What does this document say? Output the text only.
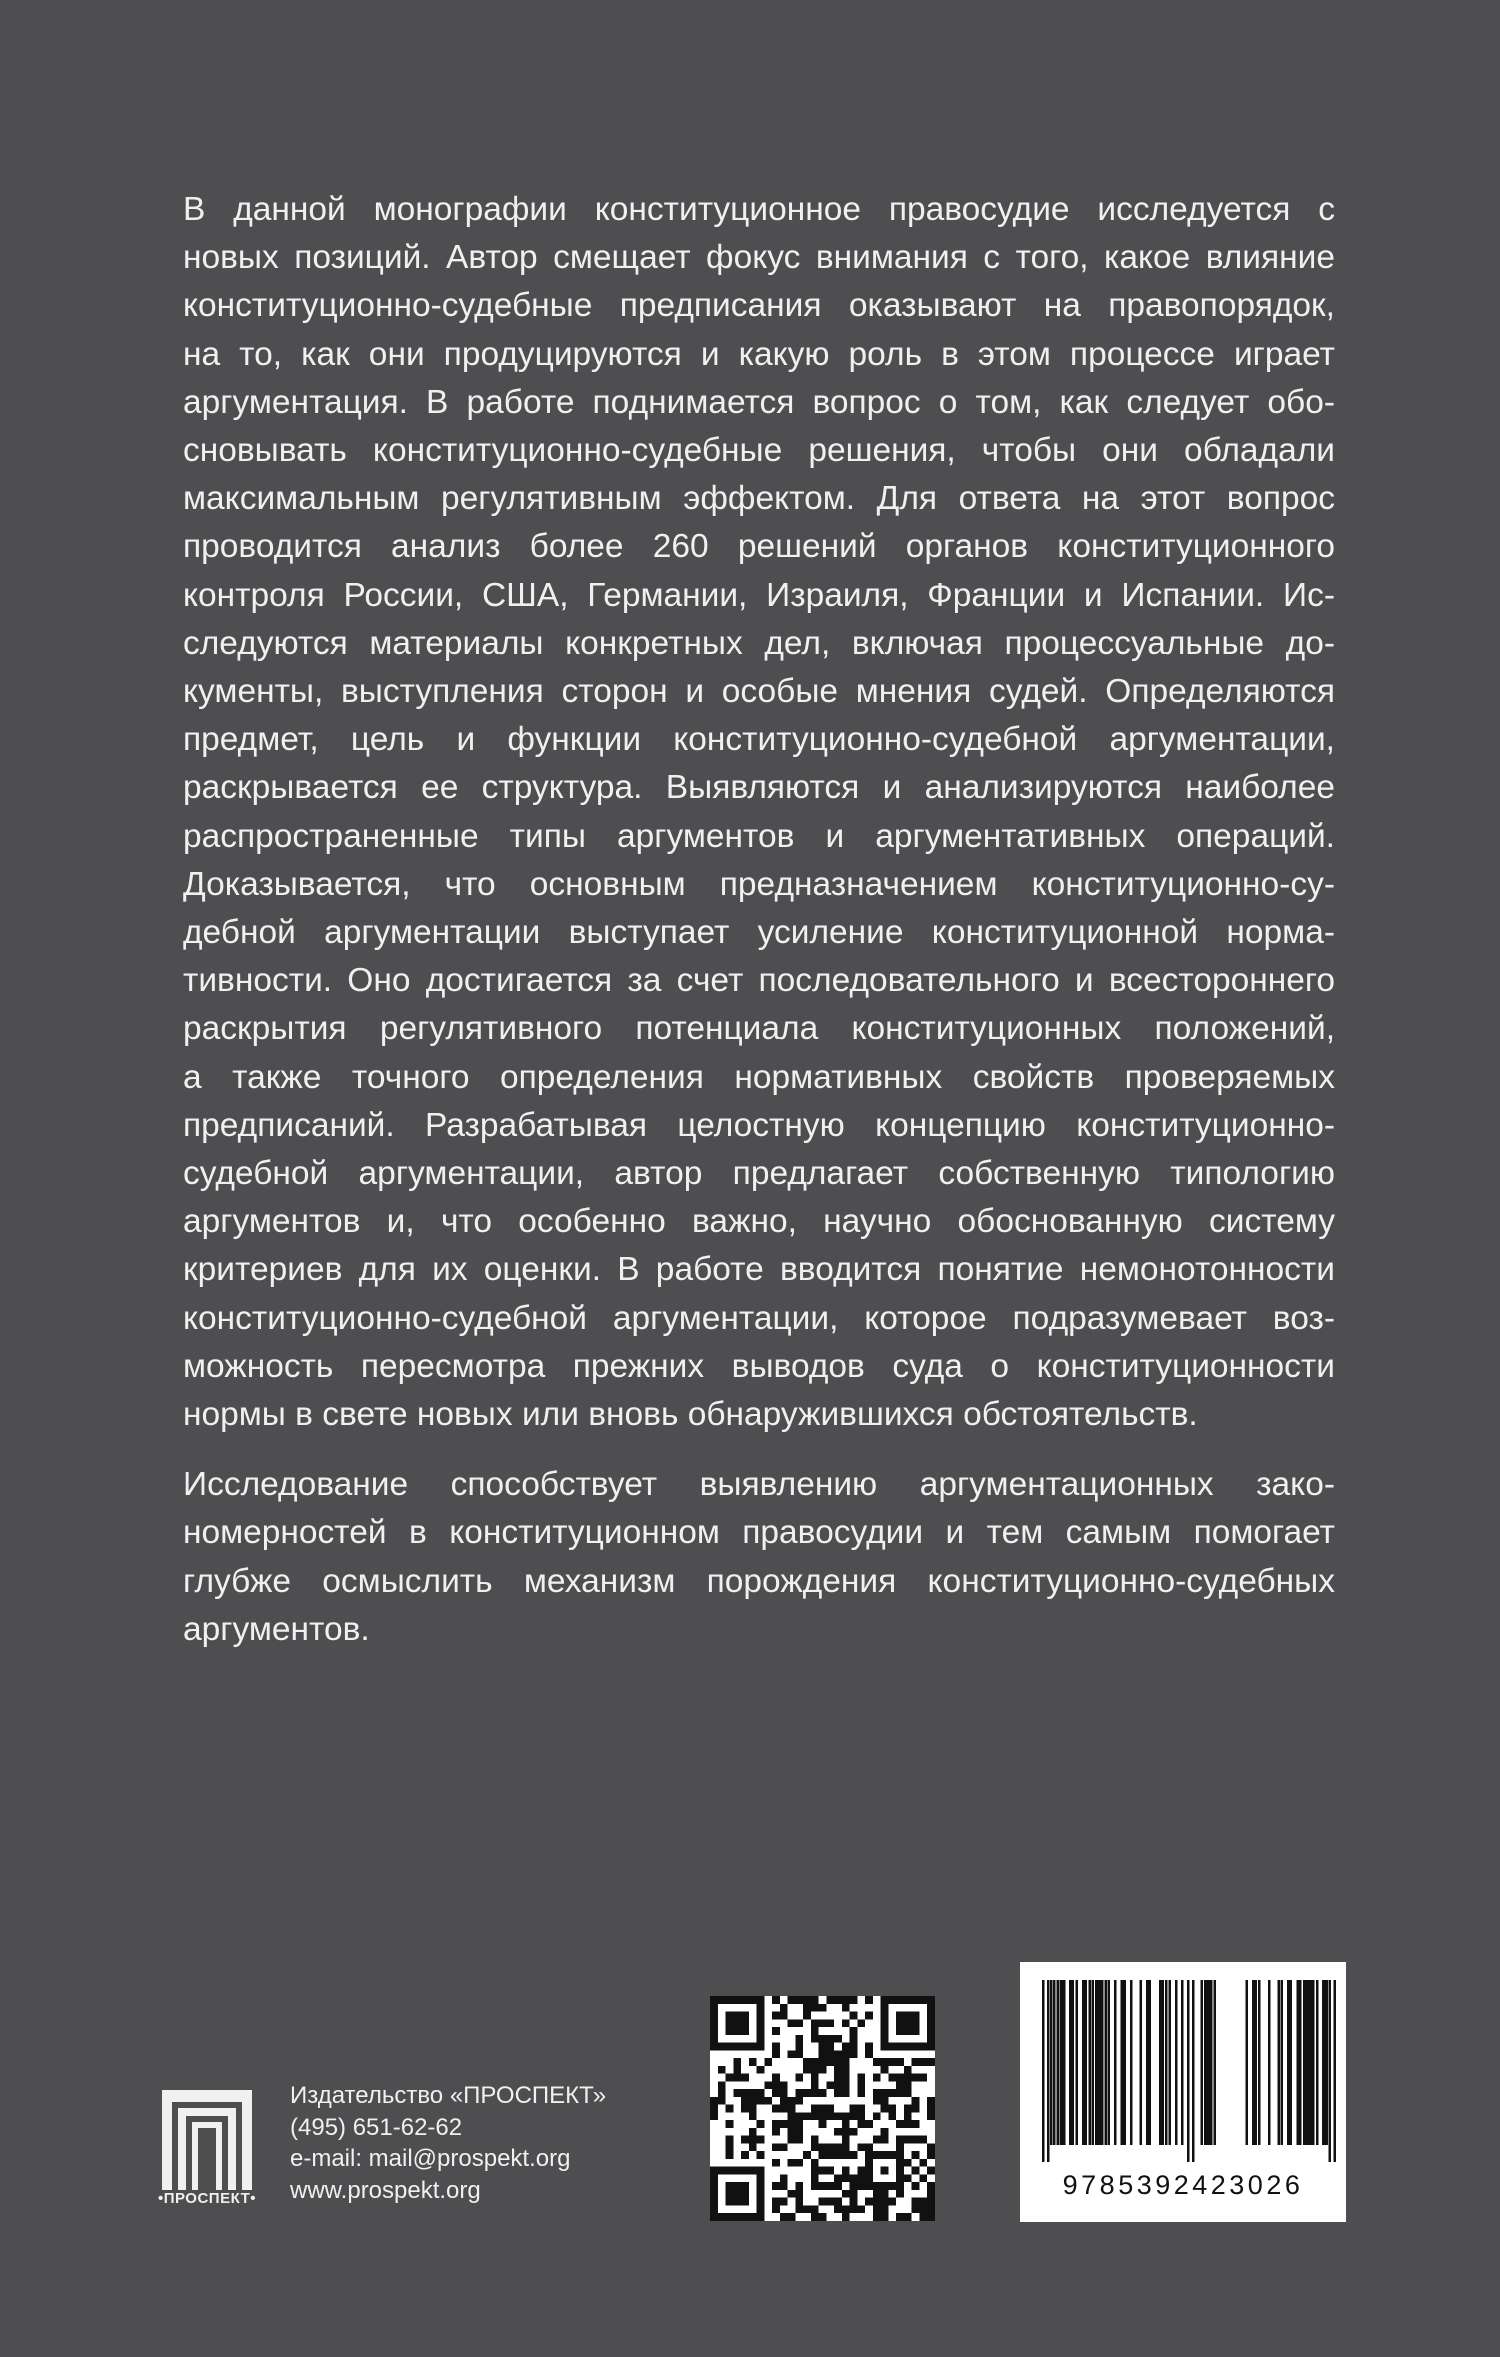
В данной монографии конституционное правосудие исследуется с
новых позиций. Автор смещает фокус внимания с того, какое влияние
конституционно-судебные предписания оказывают на правопорядок,
на то, как они продуцируются и какую роль в этом процессе играет
аргументация. В работе поднимается вопрос о том, как следует обо-
сновывать конституционно-судебные решения, чтобы они обладали
максимальным регулятивным эффектом. Для ответа на этот вопрос
проводится анализ более 260 решений органов конституционного
контроля России, США, Германии, Израиля, Франции и Испании. Ис-
следуются материалы конкретных дел, включая процессуальные до-
кументы, выступления сторон и особые мнения судей. Определяются
предмет, цель и функции конституционно-судебной аргументации,
раскрывается ее структура. Выявляются и анализируются наиболее
распространенные типы аргументов и аргументативных операций.
Доказывается, что основным предназначением конституционно-су-
дебной аргументации выступает усиление конституционной норма-
тивности. Оно достигается за счет последовательного и всестороннего
раскрытия регулятивного потенциала конституционных положений,
а также точного определения нормативных свойств проверяемых
предписаний. Разрабатывая целостную концепцию конституционно-
судебной аргументации, автор предлагает собственную типологию
аргументов и, что особенно важно, научно обоснованную систему
критериев для их оценки. В работе вводится понятие немонотонности
конституционно-судебной аргументации, которое подразумевает воз-
можность пересмотра прежних выводов суда о конституционности
нормы в свете новых или вновь обнаружившихся обстоятельств.
Исследование способствует выявлению аргументационных зако-
номерностей в конституционном правосудии и тем самым помогает
глубже осмыслить механизм порождения конституционно-судебных
аргументов.
•ПРОСПЕКТ•
Издательство «ПРОСПЕКТ»
(495) 651-62-62
e-mail: mail@prospekt.org
www.prospekt.org	9785392423026
